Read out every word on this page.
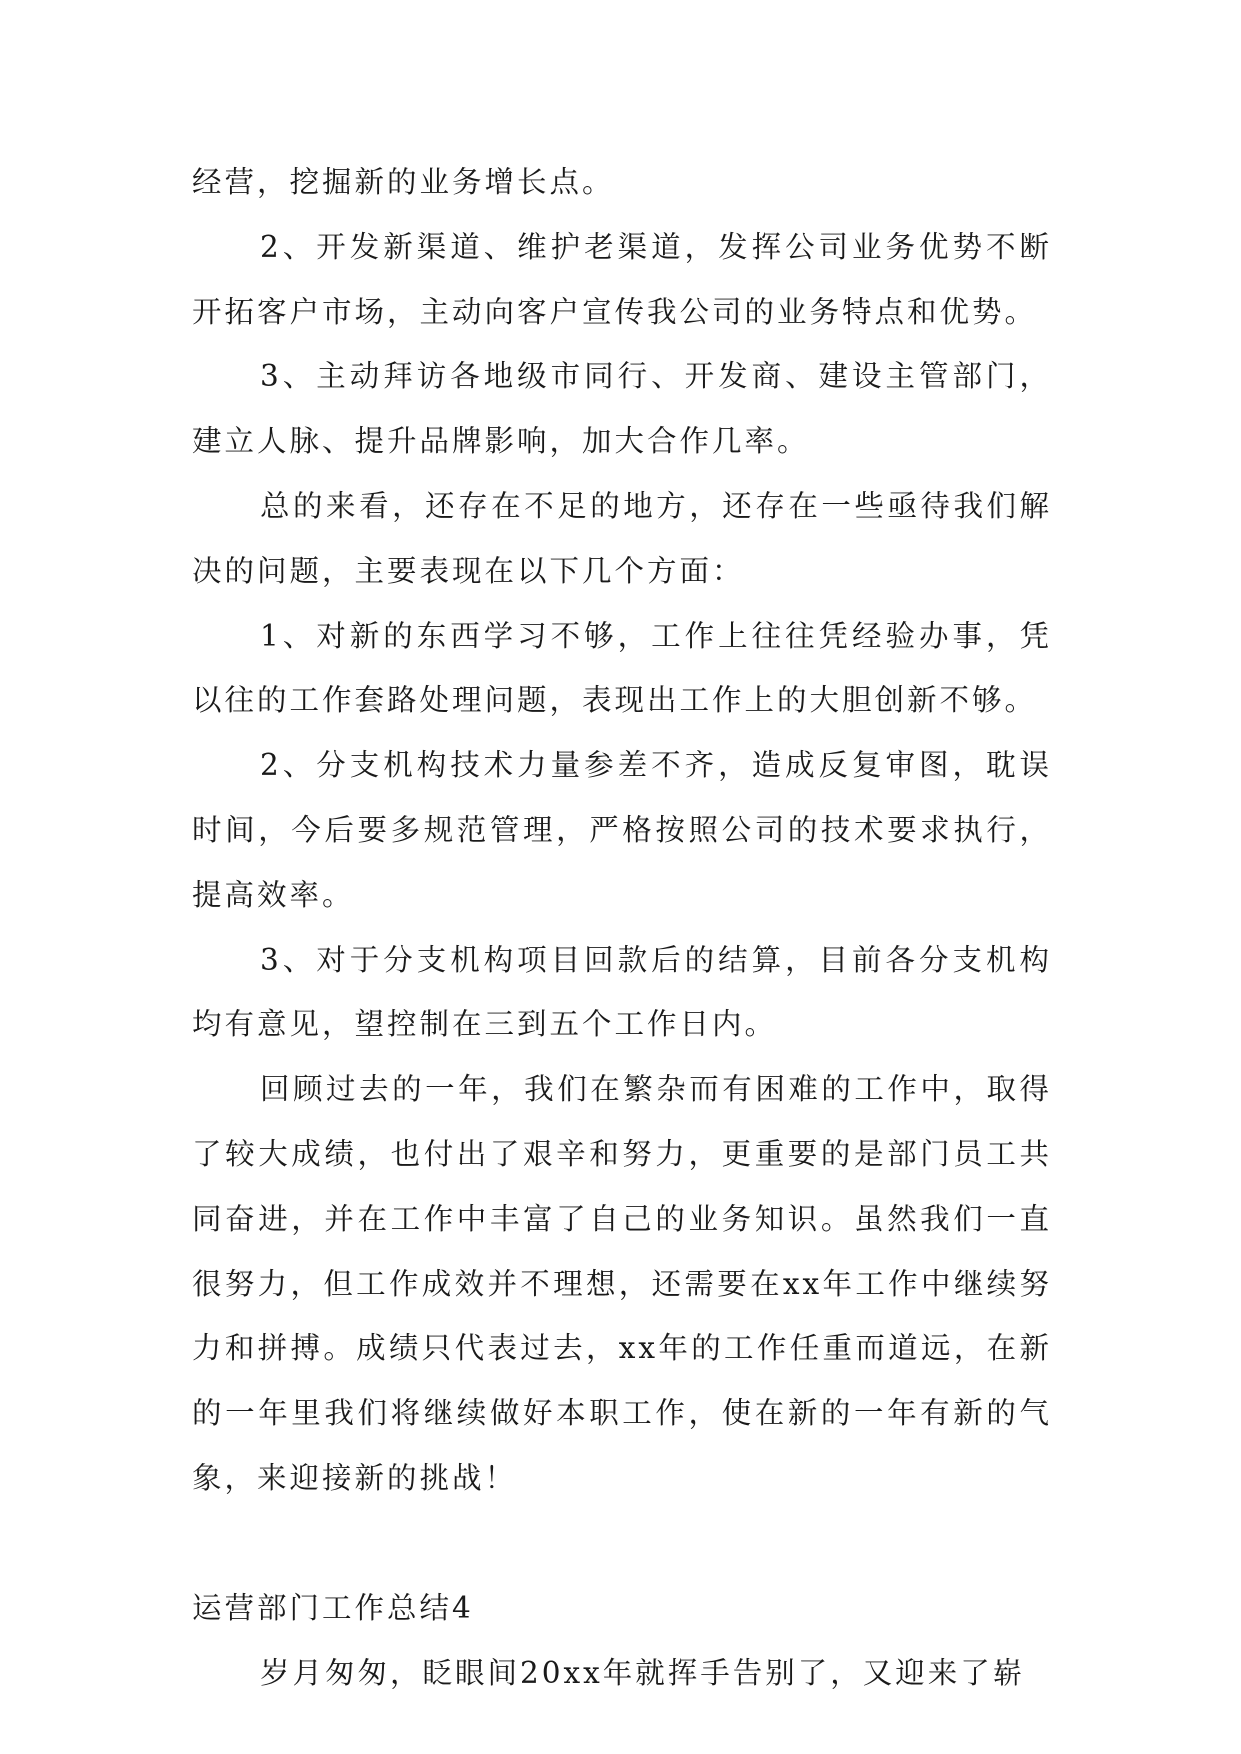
经营，挖掘新的业务增长点。

2、开发新渠道、维护老渠道，发挥公司业务优势不断开拓客户市场，主动向客户宣传我公司的业务特点和优势。

3、主动拜访各地级市同行、开发商、建设主管部门，建立人脉、提升品牌影响，加大合作几率。

总的来看，还存在不足的地方，还存在一些亟待我们解决的问题，主要表现在以下几个方面：

1、对新的东西学习不够，工作上往往凭经验办事，凭以往的工作套路处理问题，表现出工作上的大胆创新不够。

2、分支机构技术力量参差不齐，造成反复审图，耽误时间，今后要多规范管理，严格按照公司的技术要求执行，提高效率。

3、对于分支机构项目回款后的结算，目前各分支机构均有意见，望控制在三到五个工作日内。

回顾过去的一年，我们在繁杂而有困难的工作中，取得了较大成绩，也付出了艰辛和努力，更重要的是部门员工共同奋进，并在工作中丰富了自己的业务知识。虽然我们一直很努力，但工作成效并不理想，还需要在xx年工作中继续努力和拼搏。成绩只代表过去，xx年的工作任重而道远，在新的一年里我们将继续做好本职工作，使在新的一年有新的气象，来迎接新的挑战！

运营部门工作总结4

岁月匆匆，眨眼间20xx年就挥手告别了，又迎来了崭
